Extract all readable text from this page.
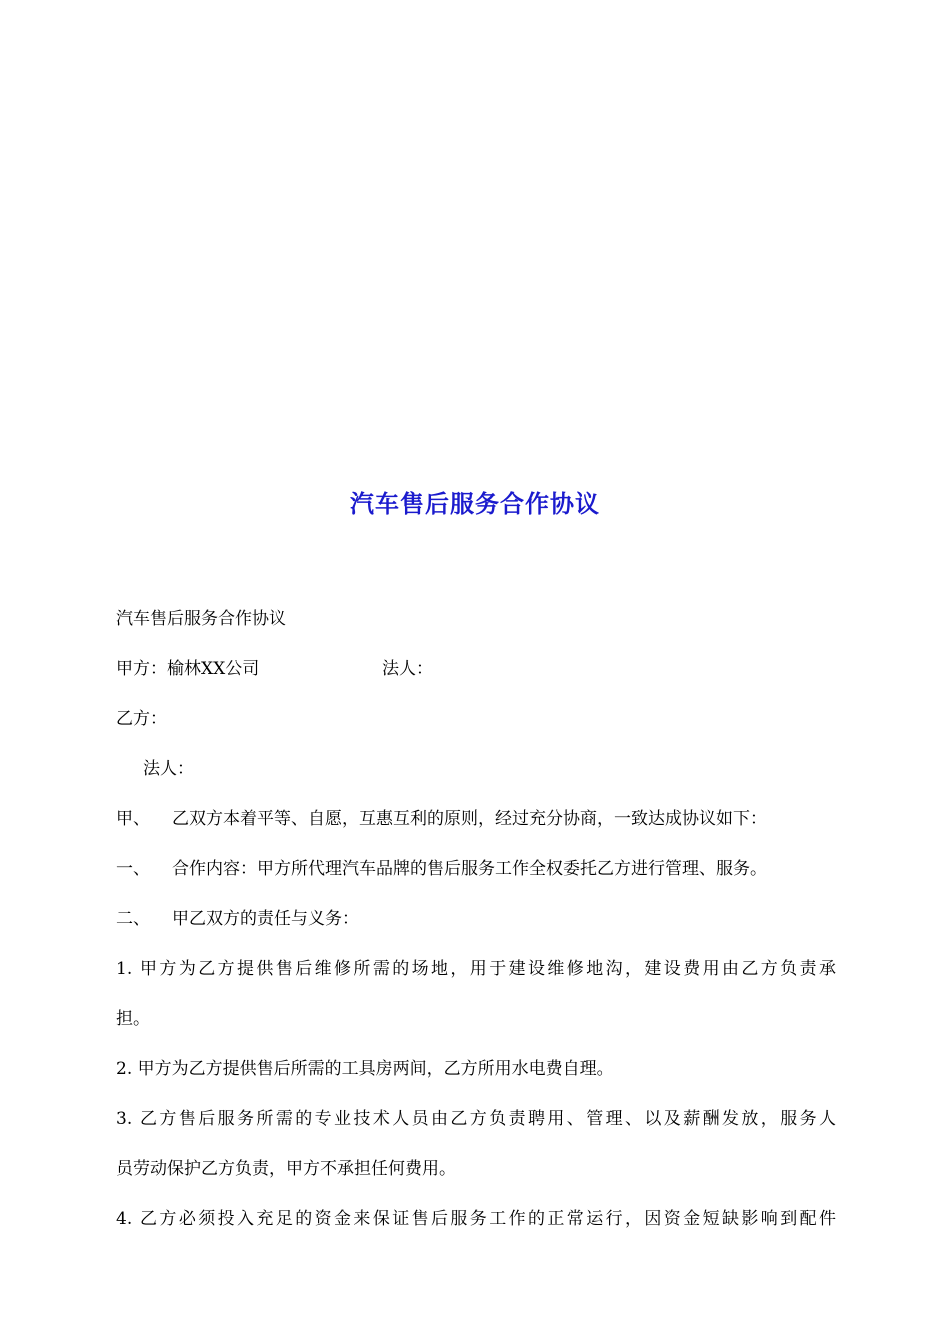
汽车售后服务合作协议
汽车售后服务合作协议
甲方：榆林XX公司	法人：
乙方：
法人：
甲、 乙双方本着平等、自愿，互惠互利的原则，经过充分协商，一致达成协议如下：
一、 合作内容：甲方所代理汽车品牌的售后服务工作全权委托乙方进行管理、服务。
二、 甲乙双方的责任与义务：
1. 甲方为乙方提供售后维修所需的场地，用于建设维修地沟，建设费用由乙方负责承
担。
2. 甲方为乙方提供售后所需的工具房两间，乙方所用水电费自理。
3. 乙方售后服务所需的专业技术人员由乙方负责聘用、管理、以及薪酬发放，服务人
员劳动保护乙方负责，甲方不承担任何费用。
4. 乙方必须投入充足的资金来保证售后服务工作的正常运行，因资金短缺影响到配件
